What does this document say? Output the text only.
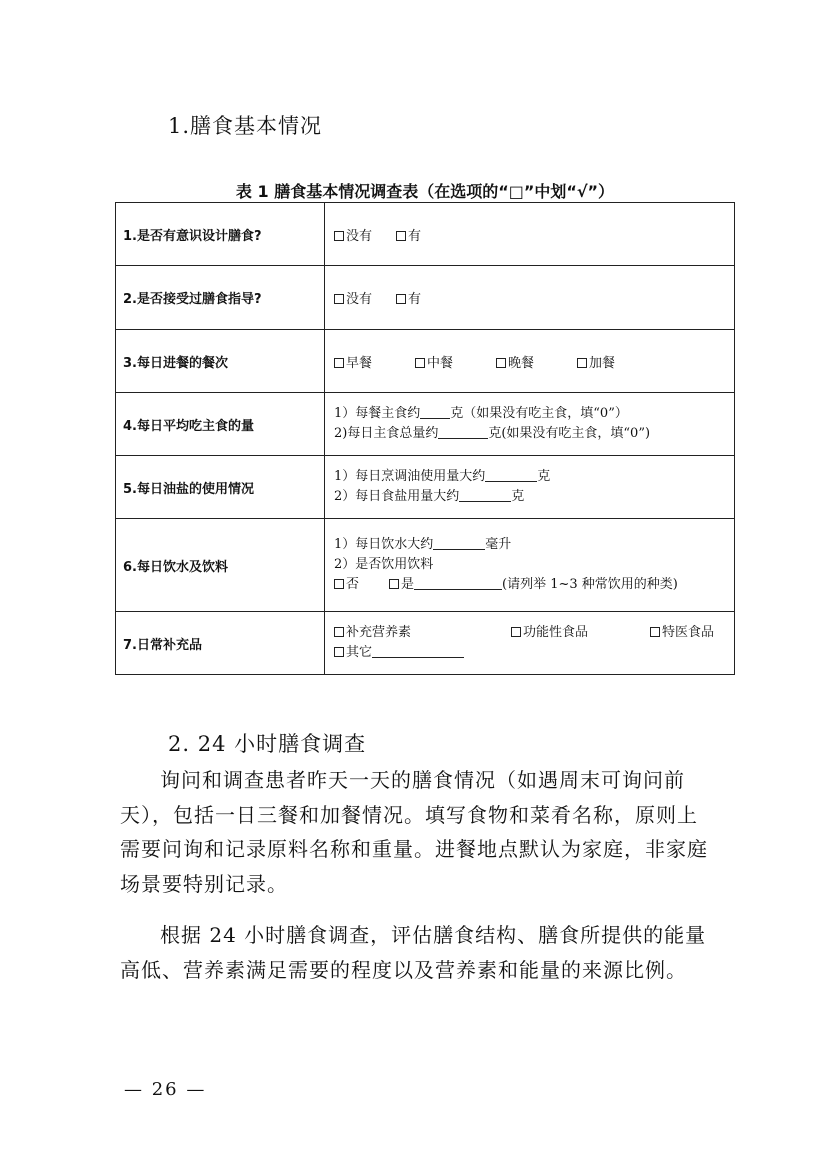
1.膳食基本情况
表 1 膳食基本情况调查表（在选项的“□”中划“√”）
1.是否有意识设计膳食?	没有 有
2.是否接受过膳食指导?	没有 有
3.每日进餐的餐次	早餐 中餐 晚餐 加餐
4.每日平均吃主食的量	1）每餐主食约 克（如果没有吃主食，填“0”）
2)每日主食总量约 克(如果没有吃主食，填“0”)

5.每日油盐的使用情况	1）每日烹调油使用量大约 克
2）每日食盐用量大约 克

6.每日饮水及饮料	1）每日饮水大约 毫升
2）是否饮用饮料
否 是 (请列举 1~3 种常饮用的种类)

7.日常补充品	补充营养素 功能性食品 特医食品
其它
2. 24 小时膳食调查

询问和调查患者昨天一天的膳食情况（如遇周末可询问前天），包括一日三餐和加餐情况。填写食物和菜肴名称，原则上需要问询和记录原料名称和重量。进餐地点默认为家庭，非家庭场景要特别记录。

根据 24 小时膳食调查，评估膳食结构、膳食所提供的能量高低、营养素满足需要的程度以及营养素和能量的来源比例。

— 26 —
